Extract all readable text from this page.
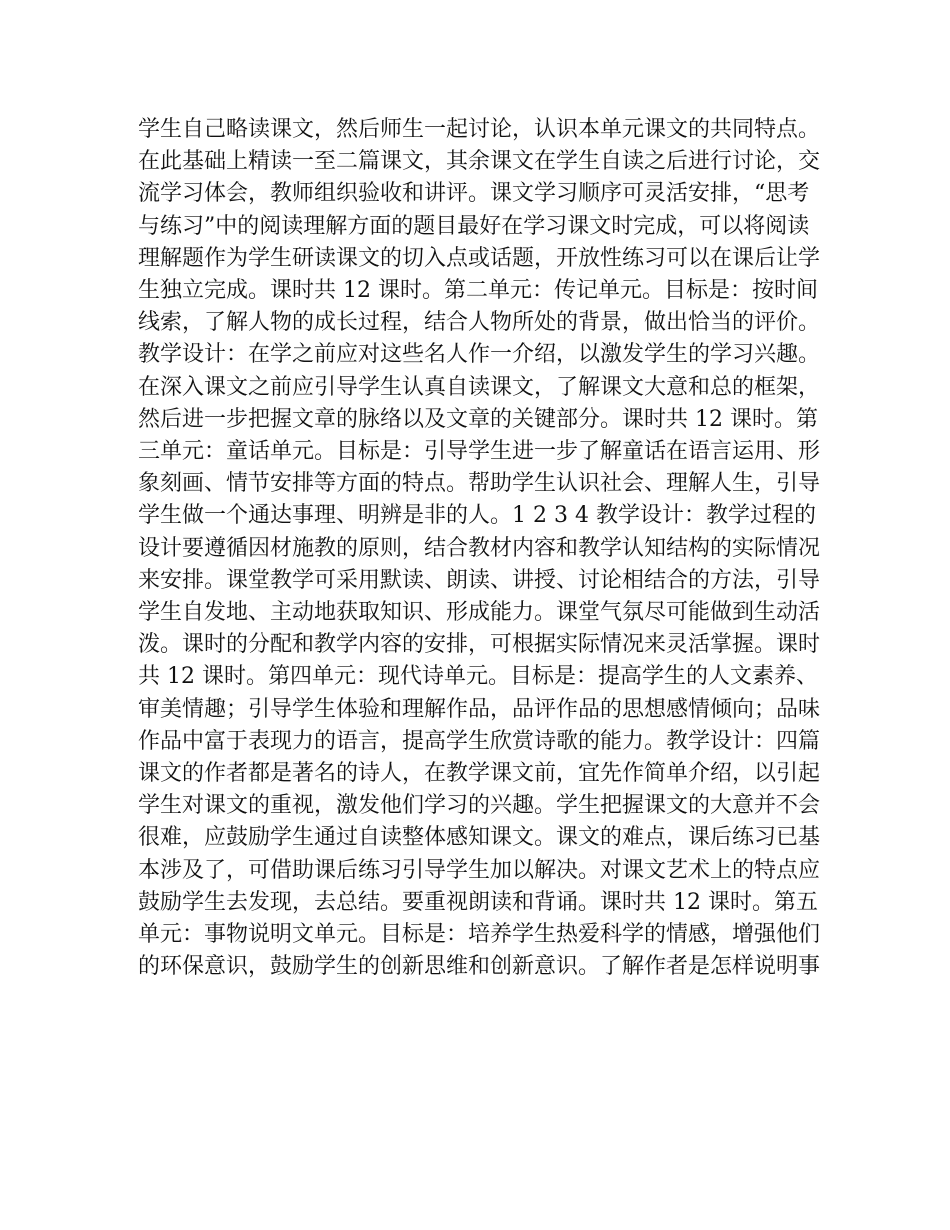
学生自己略读课文，然后师生一起讨论，认识本单元课文的共同特点。
在此基础上精读一至二篇课文，其余课文在学生自读之后进行讨论，交
流学习体会，教师组织验收和讲评。课文学习顺序可灵活安排，“思考
与练习”中的阅读理解方面的题目最好在学习课文时完成，可以将阅读
理解题作为学生研读课文的切入点或话题，开放性练习可以在课后让学
生独立完成。课时共 12 课时。第二单元：传记单元。目标是：按时间
线索，了解人物的成长过程，结合人物所处的背景，做出恰当的评价。
教学设计：在学之前应对这些名人作一介绍，以激发学生的学习兴趣。
在深入课文之前应引导学生认真自读课文，了解课文大意和总的框架，
然后进一步把握文章的脉络以及文章的关键部分。课时共 12 课时。第
三单元：童话单元。目标是：引导学生进一步了解童话在语言运用、形
象刻画、情节安排等方面的特点。帮助学生认识社会、理解人生，引导
学生做一个通达事理、明辨是非的人。1 2 3 4 教学设计：教学过程的
设计要遵循因材施教的原则，结合教材内容和教学认知结构的实际情况
来安排。课堂教学可采用默读、朗读、讲授、讨论相结合的方法，引导
学生自发地、主动地获取知识、形成能力。课堂气氛尽可能做到生动活
泼。课时的分配和教学内容的安排，可根据实际情况来灵活掌握。课时
共 12 课时。第四单元：现代诗单元。目标是：提高学生的人文素养、
审美情趣；引导学生体验和理解作品，品评作品的思想感情倾向；品味
作品中富于表现力的语言，提高学生欣赏诗歌的能力。教学设计：四篇
课文的作者都是著名的诗人，在教学课文前，宜先作简单介绍，以引起
学生对课文的重视，激发他们学习的兴趣。学生把握课文的大意并不会
很难，应鼓励学生通过自读整体感知课文。课文的难点，课后练习已基
本涉及了，可借助课后练习引导学生加以解决。对课文艺术上的特点应
鼓励学生去发现，去总结。要重视朗读和背诵。课时共 12 课时。第五
单元：事物说明文单元。目标是：培养学生热爱科学的情感，增强他们
的环保意识，鼓励学生的创新思维和创新意识。了解作者是怎样说明事
